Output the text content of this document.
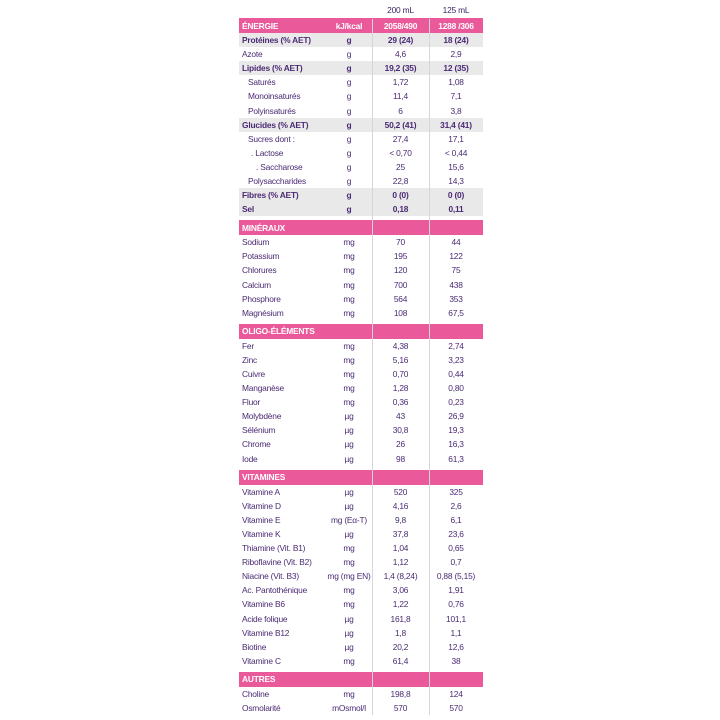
200 mL	125 mL
ÉNERGIE	kJ/kcal	2058/490	1288 /306
Protéines (% AET)	g	29 (24)	18 (24)
Azote	g	4,6	2,9
Lipides (% AET)	g	19,2 (35)	12 (35)
Saturés	g	1,72	1,08
Monoinsaturés	g	11,4	7,1
Polyinsaturés	g	6	3,8
Glucides (% AET)	g	50,2 (41)	31,4 (41)
Sucres dont :	g	27,4	17,1
. Lactose	g	< 0,70	< 0,44
. Saccharose	g	25	15,6
Polysaccharides	g	22,8	14,3
Fibres (% AET)	g	0 (0)	0 (0)
Sel	g	0,18	0,11
MINÉRAUX
Sodium	mg	70	44
Potassium	mg	195	122
Chlorures	mg	120	75
Calcium	mg	700	438
Phosphore	mg	564	353
Magnésium	mg	108	67,5
OLIGO-ÉLÉMENTS
Fer	mg	4,38	2,74
Zinc	mg	5,16	3,23
Cuivre	mg	0,70	0,44
Manganèse	mg	1,28	0,80
Fluor	mg	0,36	0,23
Molybdène	µg	43	26,9
Sélénium	µg	30,8	19,3
Chrome	µg	26	16,3
Iode	µg	98	61,3
VITAMINES
Vitamine A	µg	520	325
Vitamine D	µg	4,16	2,6
Vitamine E	mg (Eα-T)	9,8	6,1
Vitamine K	µg	37,8	23,6
Thiamine (Vit. B1)	mg	1,04	0,65
Riboflavine (Vit. B2)	mg	1,12	0,7
Niacine (Vit. B3)	mg (mg EN)	1,4 (8,24)	0,88 (5,15)
Ac. Pantothénique	mg	3,06	1,91
Vitamine B6	mg	1,22	0,76
Acide folique	µg	161,8	101,1
Vitamine B12	µg	1,8	1,1
Biotine	µg	20,2	12,6
Vitamine C	mg	61,4	38
AUTRES
Choline	mg	198,8	124
Osmolarité	mOsmol/l	570	570
